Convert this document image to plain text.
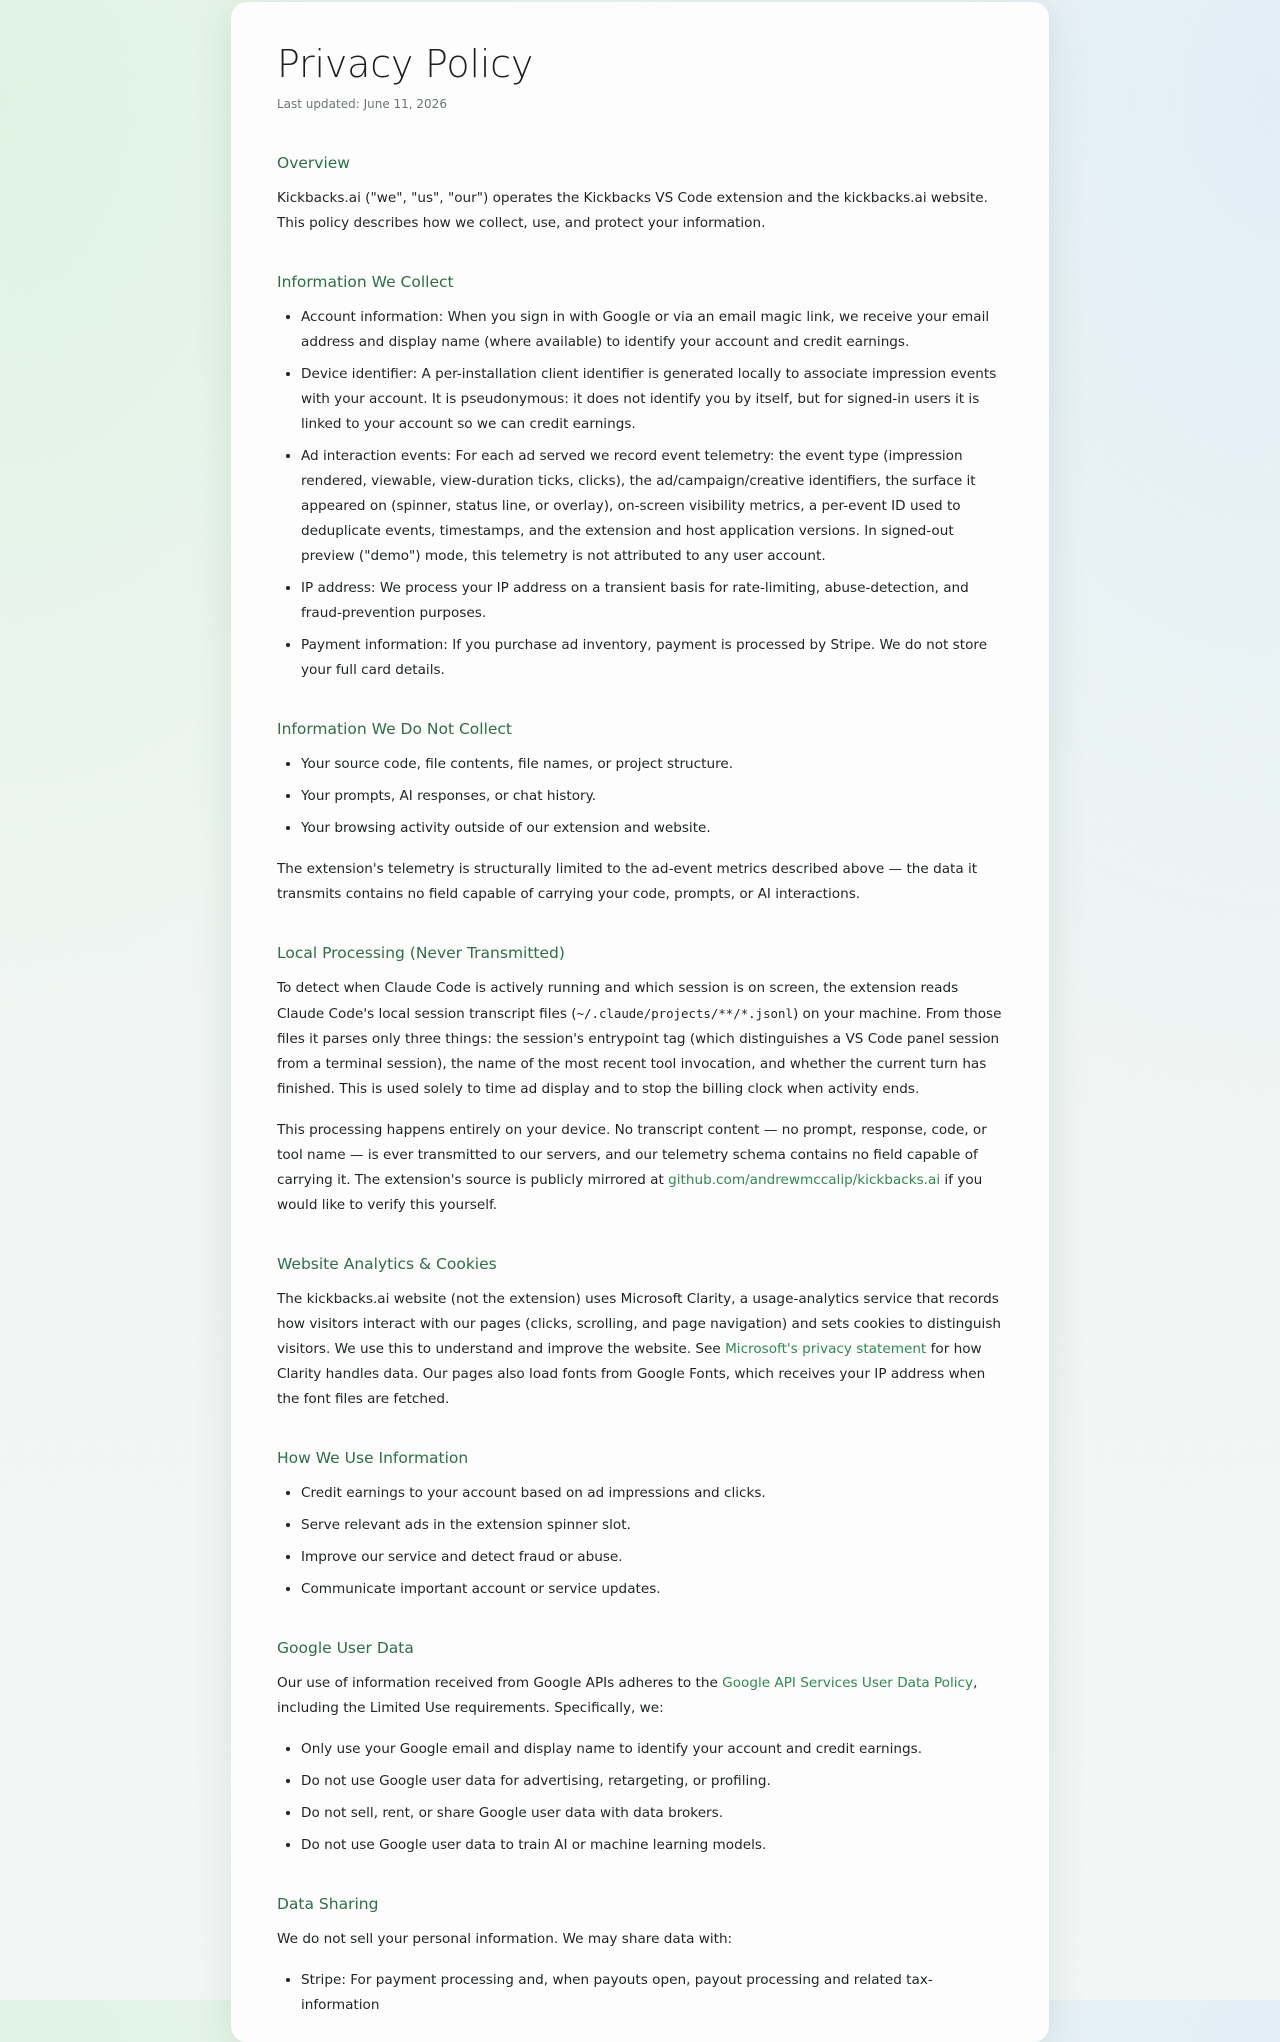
Privacy Policy
Last updated: June 11, 2026
Overview

Kickbacks.ai ("we", "us", "our") operates the Kickbacks VS Code extension and the kickbacks.ai website. This policy describes how we collect, use, and protect your information.

Information We Collect
• Account information: When you sign in with Google or via an email magic link, we receive your email address and display name (where available) to identify your account and credit earnings.
• Device identifier: A per-installation client identifier is generated locally to associate impression events with your account. It is pseudonymous: it does not identify you by itself, but for signed-in users it is linked to your account so we can credit earnings.
• Ad interaction events: For each ad served we record event telemetry: the event type (impression rendered, viewable, view-duration ticks, clicks), the ad/campaign/creative identifiers, the surface it appeared on (spinner, status line, or overlay), on-screen visibility metrics, a per-event ID used to deduplicate events, timestamps, and the extension and host application versions. In signed-out preview ("demo") mode, this telemetry is not attributed to any user account.
• IP address: We process your IP address on a transient basis for rate-limiting, abuse-detection, and fraud-prevention purposes.
• Payment information: If you purchase ad inventory, payment is processed by Stripe. We do not store your full card details.
Information We Do Not Collect
• Your source code, file contents, file names, or project structure.
• Your prompts, AI responses, or chat history.
• Your browsing activity outside of our extension and website.

The extension's telemetry is structurally limited to the ad-event metrics described above — the data it transmits contains no field capable of carrying your code, prompts, or AI interactions.

Local Processing (Never Transmitted)

To detect when Claude Code is actively running and which session is on screen, the extension reads Claude Code's local session transcript files (~/.claude/projects/**/*.jsonl) on your machine. From those files it parses only three things: the session's entrypoint tag (which distinguishes a VS Code panel session from a terminal session), the name of the most recent tool invocation, and whether the current turn has finished. This is used solely to time ad display and to stop the billing clock when activity ends.

This processing happens entirely on your device. No transcript content — no prompt, response, code, or tool name — is ever transmitted to our servers, and our telemetry schema contains no field capable of carrying it. The extension's source is publicly mirrored at github.com/andrewmccalip/kickbacks.ai if you would like to verify this yourself.

Website Analytics & Cookies

The kickbacks.ai website (not the extension) uses Microsoft Clarity, a usage-analytics service that records how visitors interact with our pages (clicks, scrolling, and page navigation) and sets cookies to distinguish visitors. We use this to understand and improve the website. See Microsoft's privacy statement for how Clarity handles data. Our pages also load fonts from Google Fonts, which receives your IP address when the font files are fetched.

How We Use Information
• Credit earnings to your account based on ad impressions and clicks.
• Serve relevant ads in the extension spinner slot.
• Improve our service and detect fraud or abuse.
• Communicate important account or service updates.
Google User Data

Our use of information received from Google APIs adheres to the Google API Services User Data Policy, including the Limited Use requirements. Specifically, we:

• Only use your Google email and display name to identify your account and credit earnings.
• Do not use Google user data for advertising, retargeting, or profiling.
• Do not sell, rent, or share Google user data with data brokers.
• Do not use Google user data to train AI or machine learning models.
Data Sharing

We do not sell your personal information. We may share data with:

• Stripe: For payment processing and, when payouts open, payout processing and related tax-information
